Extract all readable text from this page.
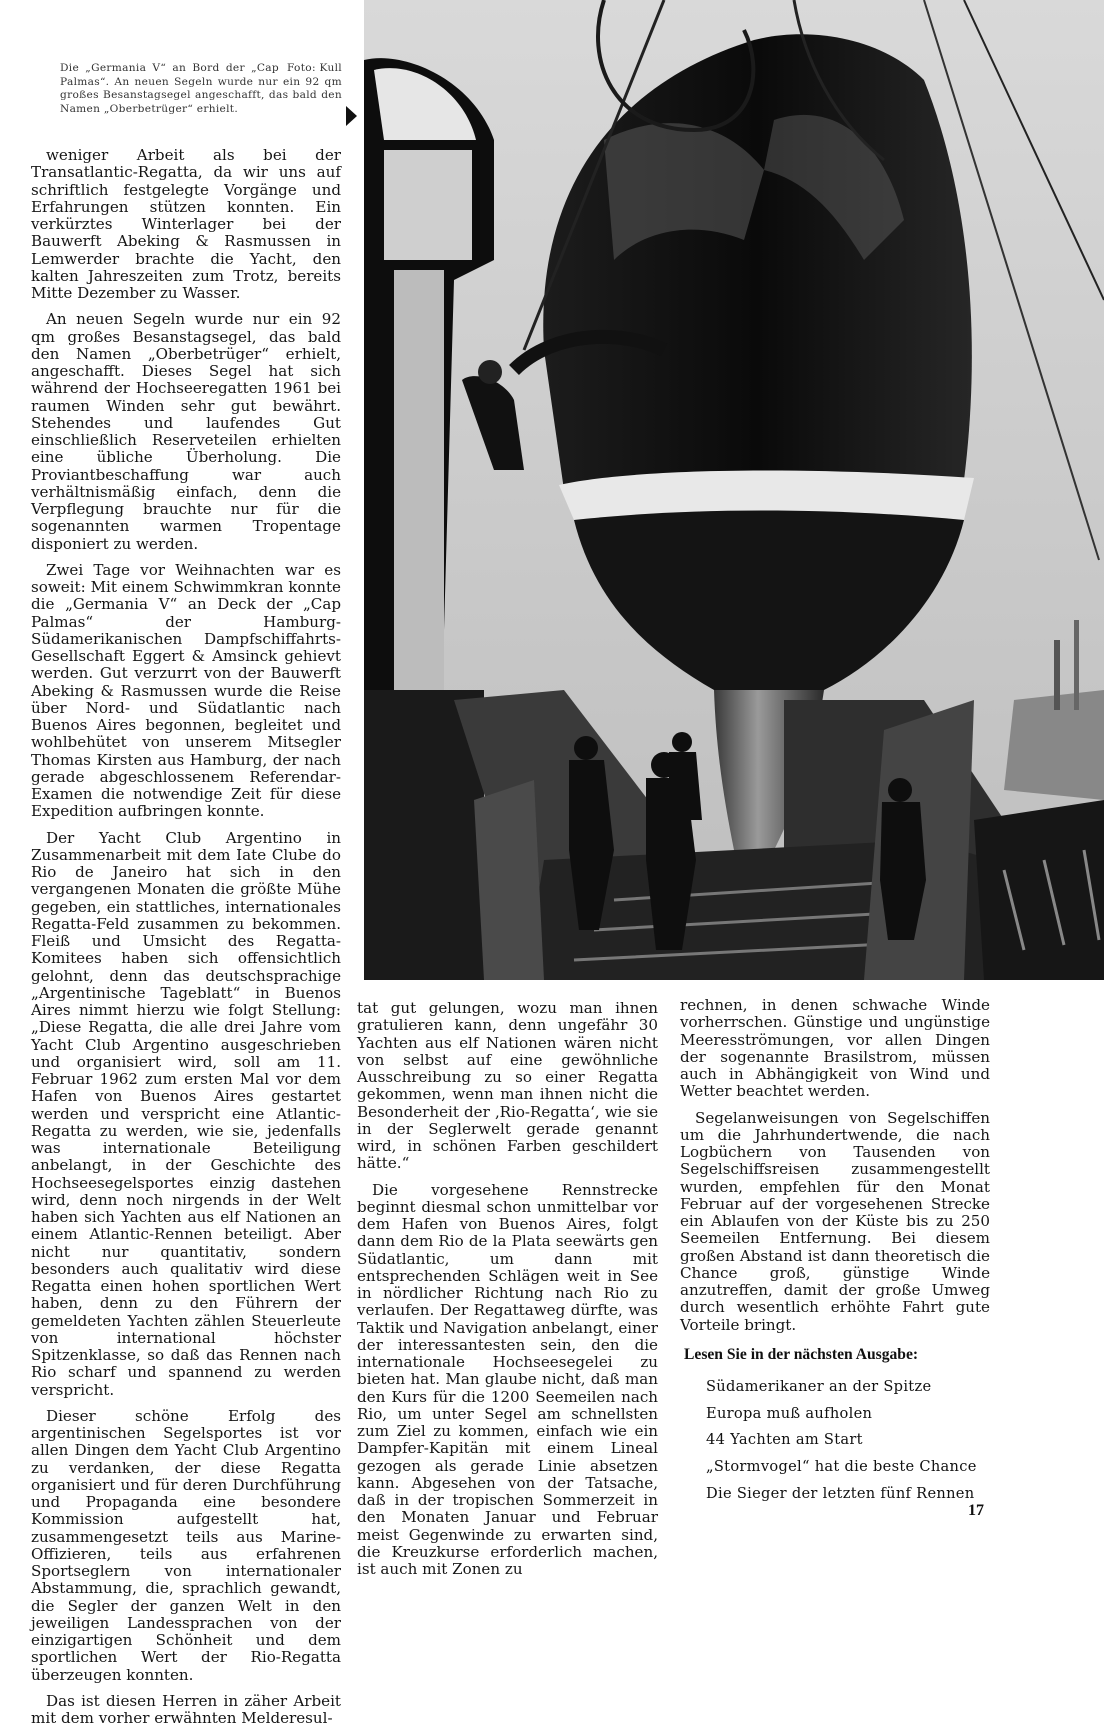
Foto: Kull
Die „Germania V“ an Bord der „Cap Palmas“. An neuen Segeln wurde nur ein 92 qm großes Besanstagsegel angeschafft, das bald den Namen „Oberbetrüger“ erhielt.

weniger Arbeit als bei der Transatlantic-Regatta, da wir uns auf schriftlich festgelegte Vorgänge und Erfahrungen stützen konnten. Ein verkürztes Winterlager bei der Bauwerft Abeking & Rasmussen in Lemwerder brachte die Yacht, den kalten Jahreszeiten zum Trotz, bereits Mitte Dezember zu Wasser.

An neuen Segeln wurde nur ein 92 qm großes Besanstagsegel, das bald den Namen „Oberbetrüger“ erhielt, angeschafft. Dieses Segel hat sich während der Hochseeregatten 1961 bei raumen Winden sehr gut bewährt. Stehendes und laufendes Gut einschließlich Reserveteilen erhielten eine übliche Überholung. Die Proviantbeschaffung war auch verhältnismäßig einfach, denn die Verpflegung brauchte nur für die sogenannten warmen Tropentage disponiert zu werden.

Zwei Tage vor Weihnachten war es soweit: Mit einem Schwimmkran konnte die „Germania V“ an Deck der „Cap Palmas“ der Hamburg-Südamerikanischen Dampfschiffahrts-Gesellschaft Eggert & Amsinck gehievt werden. Gut verzurrt von der Bauwerft Abeking & Rasmussen wurde die Reise über Nord- und Südatlantic nach Buenos Aires begonnen, begleitet und wohlbehütet von unserem Mitsegler Thomas Kirsten aus Hamburg, der nach gerade abgeschlossenem Referendar-Examen die notwendige Zeit für diese Expedition aufbringen konnte.

Der Yacht Club Argentino in Zusammenarbeit mit dem Iate Clube do Rio de Janeiro hat sich in den vergangenen Monaten die größte Mühe gegeben, ein stattliches, internationales Regatta-Feld zusammen zu bekommen. Fleiß und Umsicht des Regatta-Komitees haben sich offensichtlich gelohnt, denn das deutschsprachige „Argentinische Tageblatt“ in Buenos Aires nimmt hierzu wie folgt Stellung: „Diese Regatta, die alle drei Jahre vom Yacht Club Argentino ausgeschrieben und organisiert wird, soll am 11. Februar 1962 zum ersten Mal vor dem Hafen von Buenos Aires gestartet werden und verspricht eine Atlantic-Regatta zu werden, wie sie, jedenfalls was internationale Beteiligung anbelangt, in der Geschichte des Hochseesegelsportes einzig dastehen wird, denn noch nirgends in der Welt haben sich Yachten aus elf Nationen an einem Atlantic-Rennen beteiligt. Aber nicht nur quantitativ, sondern besonders auch qualitativ wird diese Regatta einen hohen sportlichen Wert haben, denn zu den Führern der gemeldeten Yachten zählen Steuerleute von international höchster Spitzenklasse, so daß das Rennen nach Rio scharf und spannend zu werden verspricht.

Dieser schöne Erfolg des argentinischen Segelsportes ist vor allen Dingen dem Yacht Club Argentino zu verdanken, der diese Regatta organisiert und für deren Durchführung und Propaganda eine besondere Kommission aufgestellt hat, zusammengesetzt teils aus Marine-Offizieren, teils aus erfahrenen Sportseglern von internationaler Abstammung, die, sprachlich gewandt, die Segler der ganzen Welt in den jeweiligen Landessprachen von der einzigartigen Schönheit und dem sportlichen Wert der Rio-Regatta überzeugen konnten.

Das ist diesen Herren in zäher Arbeit mit dem vorher erwähnten Melderesul-

tat gut gelungen, wozu man ihnen gratulieren kann, denn ungefähr 30 Yachten aus elf Nationen wären nicht von selbst auf eine gewöhnliche Ausschreibung zu so einer Regatta gekommen, wenn man ihnen nicht die Besonderheit der ‚Rio-Regatta‘, wie sie in der Seglerwelt gerade genannt wird, in schönen Farben geschildert hätte.“

Die vorgesehene Rennstrecke beginnt diesmal schon unmittelbar vor dem Hafen von Buenos Aires, folgt dann dem Rio de la Plata seewärts gen Südatlantic, um dann mit entsprechenden Schlägen weit in See in nördlicher Richtung nach Rio zu verlaufen. Der Regattaweg dürfte, was Taktik und Navigation anbelangt, einer der interessantesten sein, den die internationale Hochseesegelei zu bieten hat. Man glaube nicht, daß man den Kurs für die 1200 Seemeilen nach Rio, um unter Segel am schnellsten zum Ziel zu kommen, einfach wie ein Dampfer-Kapitän mit einem Lineal gezogen als gerade Linie absetzen kann. Abgesehen von der Tatsache, daß in der tropischen Sommerzeit in den Monaten Januar und Februar meist Gegenwinde zu erwarten sind, die Kreuzkurse erforderlich machen, ist auch mit Zonen zu

rechnen, in denen schwache Winde vorherrschen. Günstige und ungünstige Meeresströmungen, vor allen Dingen der sogenannte Brasilstrom, müssen auch in Abhängigkeit von Wind und Wetter beachtet werden.

Segelanweisungen von Segelschiffen um die Jahrhundertwende, die nach Logbüchern von Tausenden von Segelschiffsreisen zusammengestellt wurden, empfehlen für den Monat Februar auf der vorgesehenen Strecke ein Ablaufen von der Küste bis zu 250 Seemeilen Entfernung. Bei diesem großen Abstand ist dann theoretisch die Chance groß, günstige Winde anzutreffen, damit der große Umweg durch wesentlich erhöhte Fahrt gute Vorteile bringt.

Lesen Sie in der nächsten Ausgabe:
Südamerikaner an der Spitze
Europa muß aufholen
44 Yachten am Start
„Stormvogel“ hat die beste Chance
Die Sieger der letzten fünf Rennen
17
